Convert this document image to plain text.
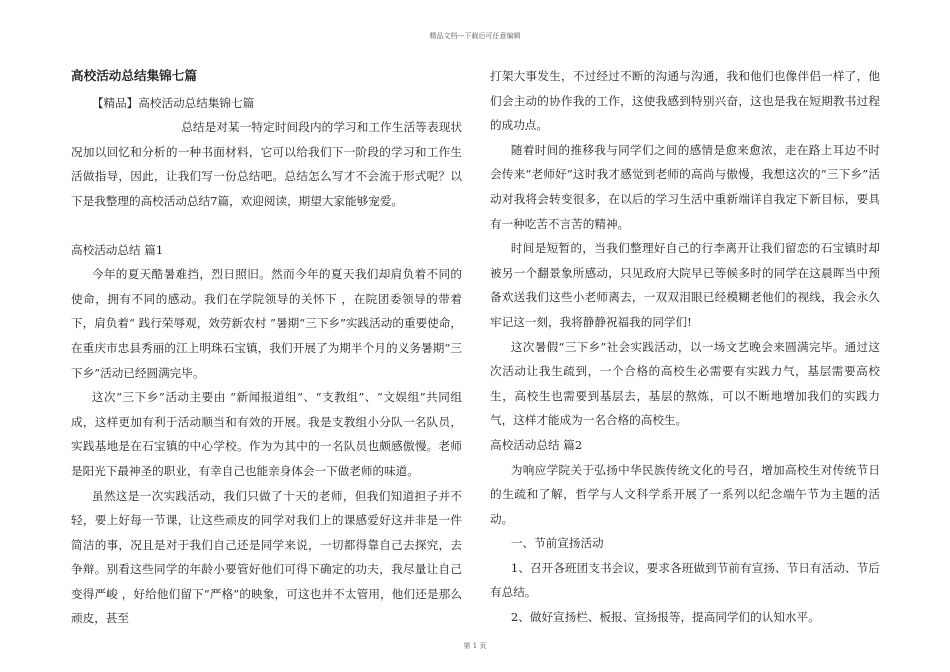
精品文档---下载后可任意编辑

高校活动总结集锦七篇

【精品】高校活动总结集锦七篇

总结是对某一特定时间段内的学习和工作生活等表现状况加以回忆和分析的一种书面材料，它可以给我们下一阶段的学习和工作生活做指导，因此，让我们写一份总结吧。总结怎么写才不会流于形式呢？以下是我整理的高校活动总结7篇，欢迎阅读，期望大家能够宠爱。

高校活动总结 篇1

今年的夏天酷暑难挡，烈日照旧。然而今年的夏天我们却肩负着不同的使命，拥有不同的感动。我们在学院领导的关怀下 ，在院团委领导的带着下，肩负着“ 践行荣辱观，效劳新农村 ”暑期“三下乡”实践活动的重要使命， 在重庆市忠县秀丽的江上明珠石宝镇，我们开展了为期半个月的义务暑期“三下乡”活动已经圆满完毕。

这次“三下乡”活动主要由 “新闻报道组”、“支教组”、“文娱组”共同组成，这样更加有利于活动顺当和有效的开展。我是支教组小分队一名队员，实践基地是在石宝镇的中心学校。作为为其中的一名队员也颇感傲慢。老师是阳光下最神圣的职业，有幸自己也能亲身体会一下做老师的味道。

虽然这是一次实践活动，我们只做了十天的老师，但我们知道担子并不轻，要上好每一节课，让这些顽皮的同学对我们上的课感爱好这并非是一件简洁的事，况且是对于我们自己还是同学来说，一切都得靠自己去探究，去争辩。别看这些同学的年龄小要管好他们可得下确定的功夫，我尽量让自己变得严峻 ，好给他们留下“严格”的映象，可这也并不太管用，他们还是那么顽皮，甚至

打架大事发生，不过经过不断的沟通与沟通，我和他们也像伴侣一样了，他们会主动的协作我的工作，这使我感到特别兴奋，这也是我在短期教书过程的成功点。

随着时间的推移我与同学们之间的感情是愈来愈浓，走在路上耳边不时会传来“老师好”这时我才感觉到老师的高尚与傲慢，我想这次的“三下乡”活动对我将会转变很多，在以后的学习生活中重新端详自我定下新目标，要具有一种吃苦不言苦的精神。

时间是短暂的，当我们整理好自己的行李离开让我们留恋的石宝镇时却被另一个翻景象所感动，只见政府大院早已等候多时的同学在这晨晖当中预备欢送我们这些小老师离去，一双双泪眼已经模糊老他们的视线，我会永久牢记这一刻，我将静静祝福我的同学们!

这次暑假“三下乡”社会实践活动，以一场文艺晚会来圆满完毕。通过这次活动让我生疏到，一个合格的高校生必需要有实践力气，基层需要高校生，高校生也需要到基层去，基层的熬炼，可以不断地增加我们的实践力气，这样才能成为一名合格的高校生。

高校活动总结 篇2

为响应学院关于弘扬中华民族传统文化的号召，增加高校生对传统节日的生疏和了解，哲学与人文科学系开展了一系列以纪念端午节为主题的活动。

一、节前宣扬活动

1、召开各班团支书会议，要求各班做到节前有宣扬、节日有活动、节后有总结。

2、做好宣扬栏、板报、宣扬报等，提高同学们的认知水平。

第 1 页
